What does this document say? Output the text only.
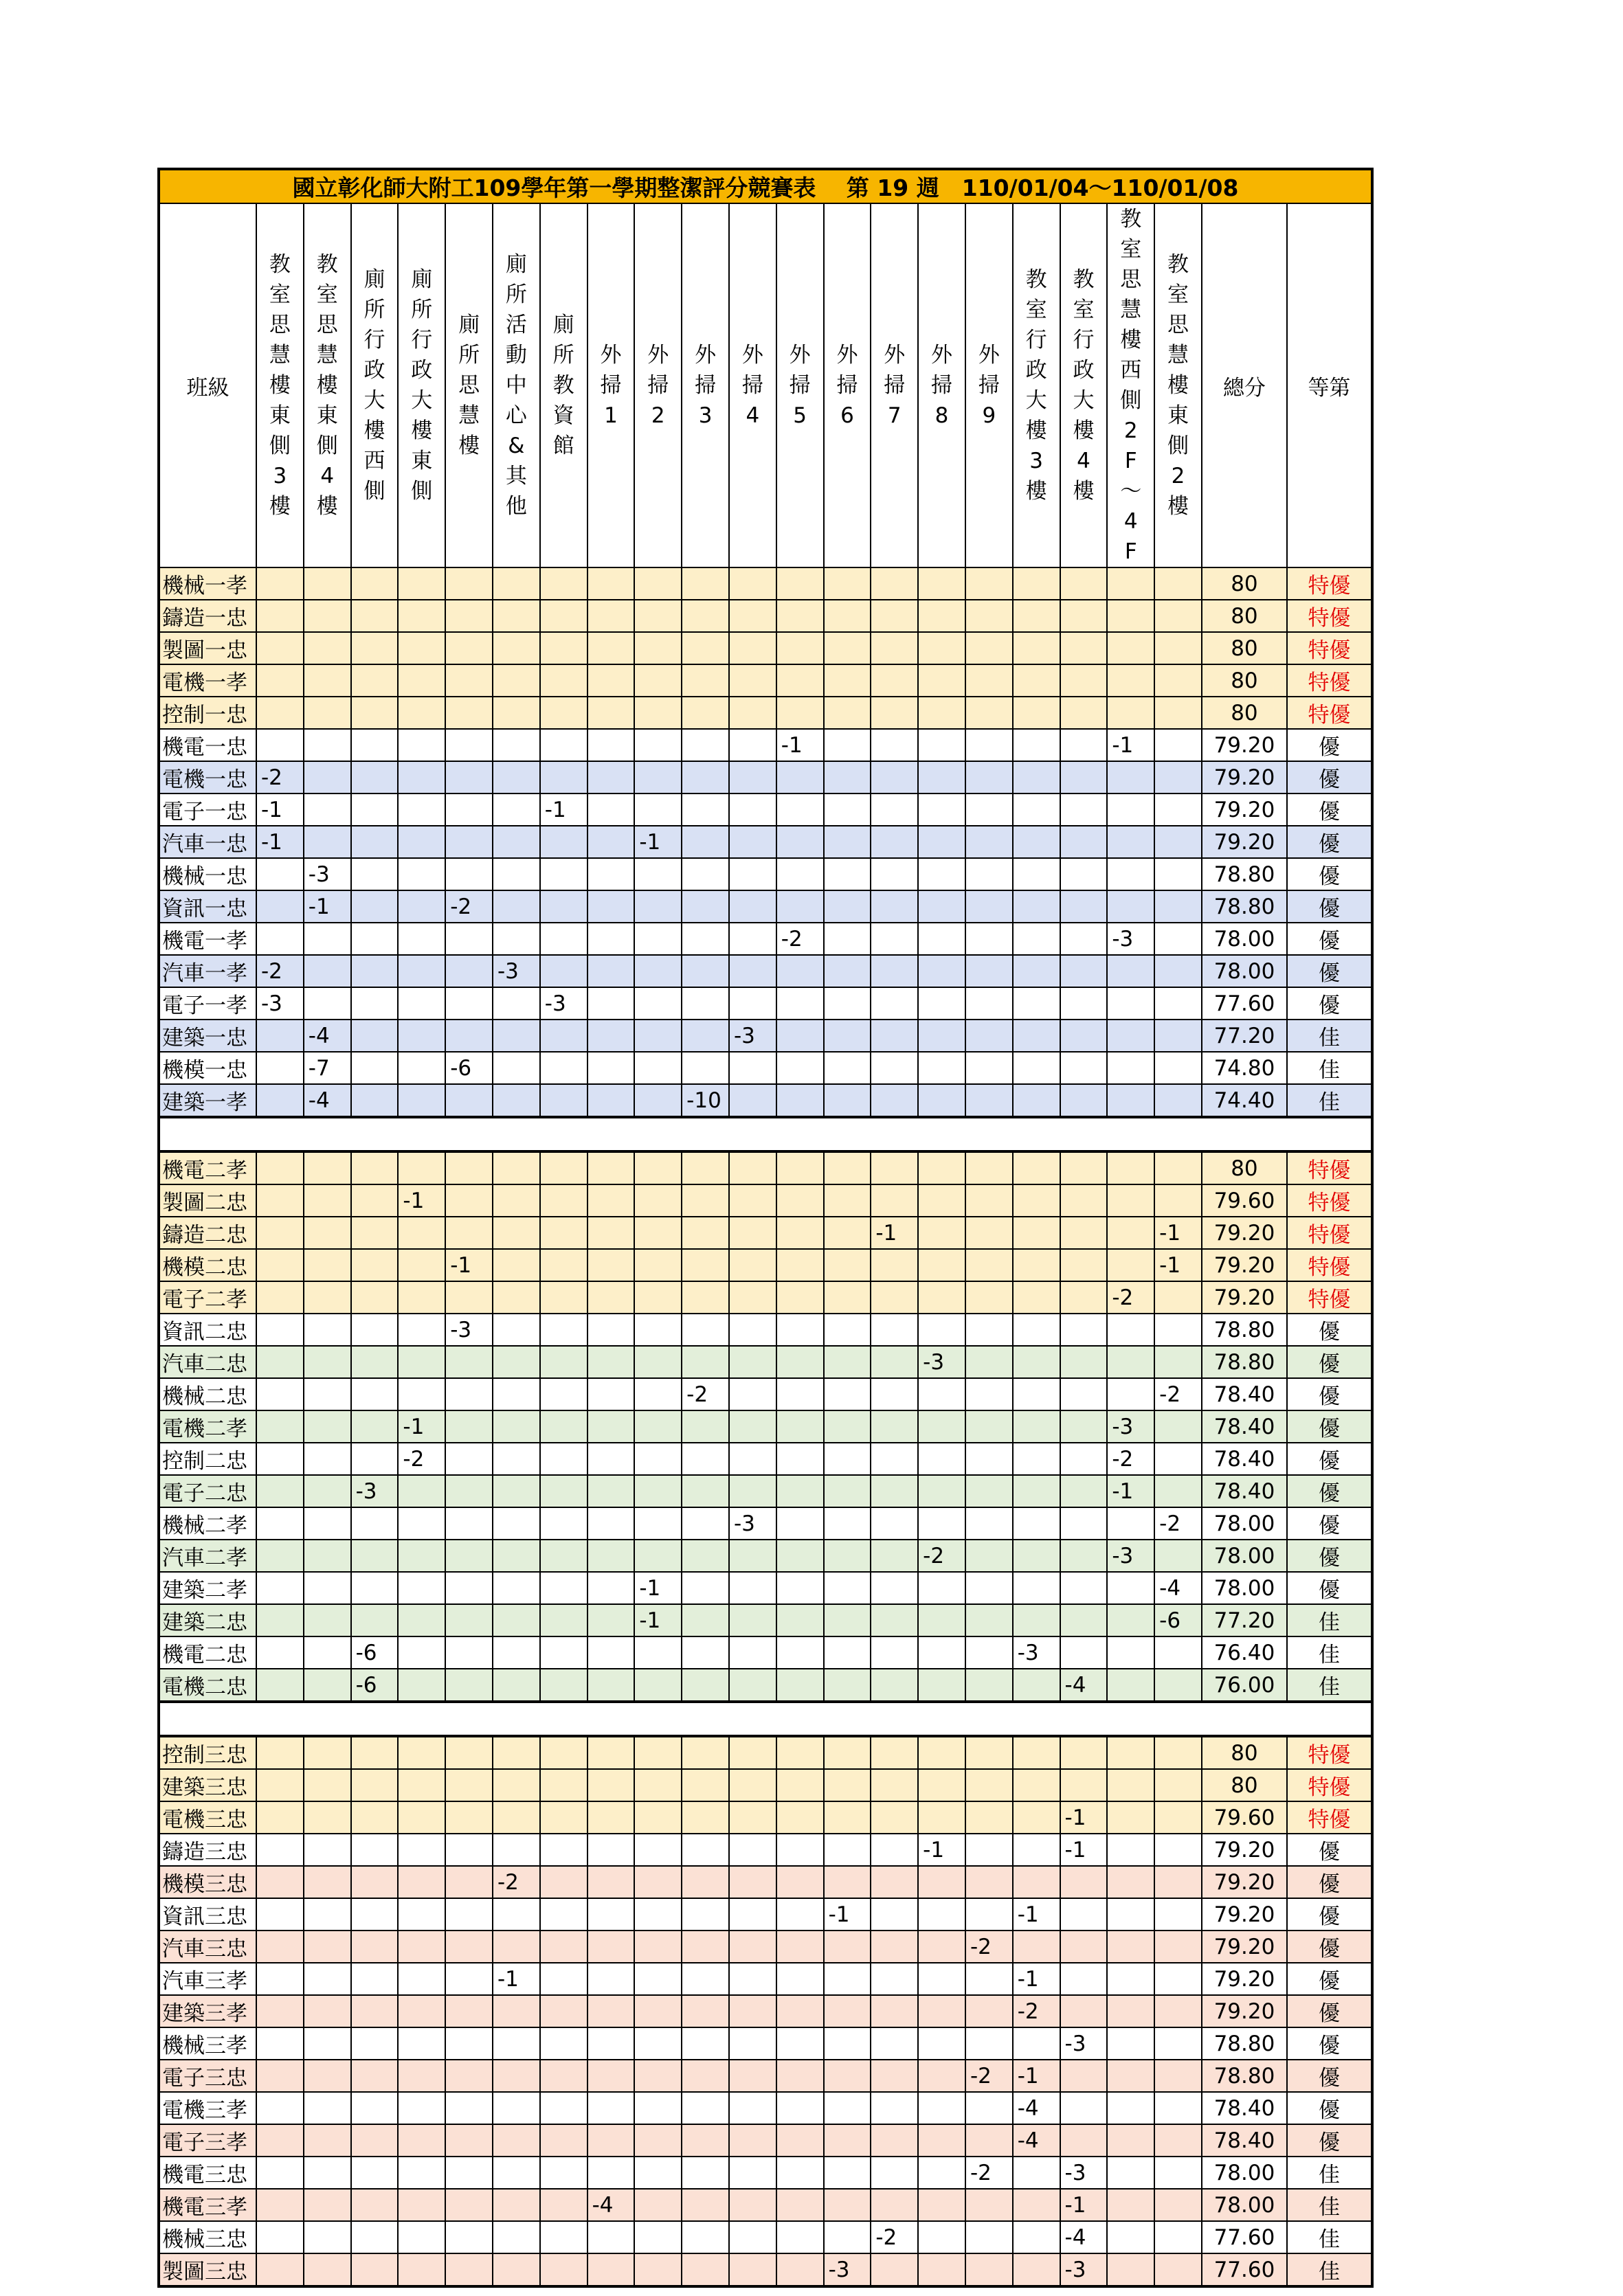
國立彰化師大附工109學年第一學期整潔評分競賽表　 第 19 週　110/01/04～110/01/08																						
班級	教室思慧樓東側3樓	教室思慧樓東側4樓	廁所行政大樓西側	廁所行政大樓東側	廁所思慧樓	廁所活動中心&其他	廁所教資館	外掃1	外掃2	外掃3	外掃4	外掃5	外掃6	外掃7	外掃8	外掃9	教室行政大樓3樓	教室行政大樓4樓	教室思慧樓西側2F～4F	教室思慧樓東側2樓	總分	等第
機械一孝																					80	特優
鑄造一忠																					80	特優
製圖一忠																					80	特優
電機一孝																					80	特優
控制一忠																					80	特優
機電一忠												-1							-1		79.20	優
電機一忠	-2																				79.20	優
電子一忠	-1						-1														79.20	優
汽車一忠	-1								-1												79.20	優
機械一忠		-3																			78.80	優
資訊一忠		-1			-2																78.80	優
機電一孝												-2							-3		78.00	優
汽車一孝	-2					-3															78.00	優
電子一孝	-3						-3														77.60	優
建築一忠		-4									-3										77.20	佳
機模一忠		-7			-6																74.80	佳
建築一孝		-4								-10											74.40	佳

機電二孝																					80	特優
製圖二忠				-1																	79.60	特優
鑄造二忠														-1						-1	79.20	特優
機模二忠					-1															-1	79.20	特優
電子二孝																			-2		79.20	特優
資訊二忠					-3																78.80	優
汽車二忠															-3						78.80	優
機械二忠										-2										-2	78.40	優
電機二孝				-1															-3		78.40	優
控制二忠				-2															-2		78.40	優
電子二忠			-3																-1		78.40	優
機械二孝											-3									-2	78.00	優
汽車二孝															-2				-3		78.00	優
建築二孝									-1											-4	78.00	優
建築二忠									-1											-6	77.20	佳
機電二忠			-6														-3				76.40	佳
電機二忠			-6															-4			76.00	佳

控制三忠																					80	特優
建築三忠																					80	特優
電機三忠																		-1			79.60	特優
鑄造三忠															-1			-1			79.20	優
機模三忠						-2															79.20	優
資訊三忠													-1				-1				79.20	優
汽車三忠																-2					79.20	優
汽車三孝						-1											-1				79.20	優
建築三孝																	-2				79.20	優
機械三孝																		-3			78.80	優
電子三忠																-2	-1				78.80	優
電機三孝																	-4				78.40	優
電子三孝																	-4				78.40	優
機電三忠																-2		-3			78.00	佳
機電三孝								-4										-1			78.00	佳
機械三忠														-2				-4			77.60	佳
製圖三忠													-3					-3			77.60	佳
